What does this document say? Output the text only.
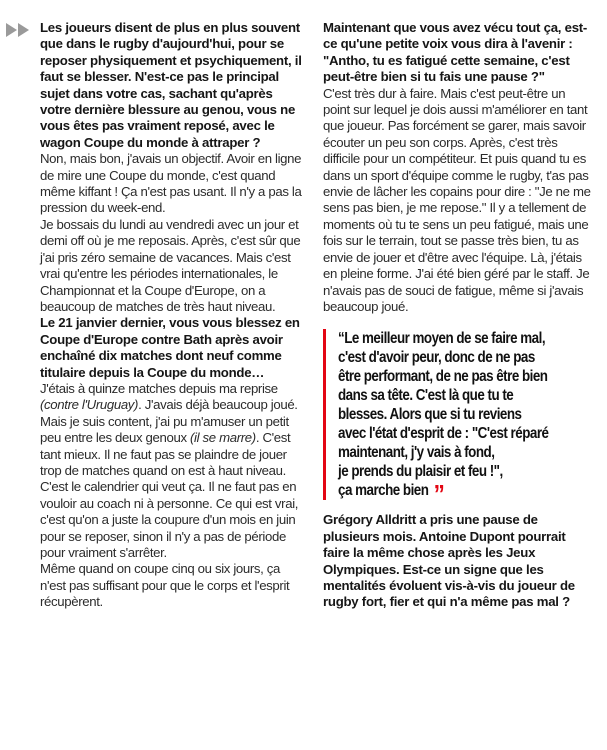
Les joueurs disent de plus en plus souvent que dans le rugby d'aujourd'hui, pour se reposer physiquement et psychiquement, il faut se blesser. N'est-ce pas le principal sujet dans votre cas, sachant qu'après votre dernière blessure au genou, vous ne vous êtes pas vraiment reposé, avec le wagon Coupe du monde à attraper ?

Non, mais bon, j'avais un objectif. Avoir en ligne de mire une Coupe du monde, c'est quand même kiffant ! Ça n'est pas usant. Il n'y a pas la pression du week-end.

Je bossais du lundi au vendredi avec un jour et demi off où je me reposais. Après, c'est sûr que j'ai pris zéro semaine de vacances. Mais c'est vrai qu'entre les périodes internationales, le Championnat et la Coupe d'Europe, on a beaucoup de matches de très haut niveau.

Le 21 janvier dernier, vous vous blessez en Coupe d'Europe contre Bath après avoir enchaîné dix matches dont neuf comme titulaire depuis la Coupe du monde…

J'étais à quinze matches depuis ma reprise (contre l'Uruguay). J'avais déjà beaucoup joué. Mais je suis content, j'ai pu m'amuser un petit peu entre les deux genoux (il se marre). C'est tant mieux. Il ne faut pas se plaindre de jouer trop de matches quand on est à haut niveau. C'est le calendrier qui veut ça. Il ne faut pas en vouloir au coach ni à personne. Ce qui est vrai, c'est qu'on a juste la coupure d'un mois en juin pour se reposer, sinon il n'y a pas de période pour vraiment s'arrêter.

Même quand on coupe cinq ou six jours, ça n'est pas suffisant pour que le corps et l'esprit récupèrent.

Maintenant que vous avez vécu tout ça, est-ce qu'une petite voix vous dira à l'avenir : "Antho, tu es fatigué cette semaine, c'est peut-être bien si tu fais une pause ?"

C'est très dur à faire. Mais c'est peut-être un point sur lequel je dois aussi m'améliorer en tant que joueur. Pas forcément se garer, mais savoir écouter un peu son corps. Après, c'est très difficile pour un compétiteur. Et puis quand tu es dans un sport d'équipe comme le rugby, t'as pas envie de lâcher les copains pour dire : "Je ne me sens pas bien, je me repose." Il y a tellement de moments où tu te sens un peu fatigué, mais une fois sur le terrain, tout se passe très bien, tu as envie de jouer et d'être avec l'équipe. Là, j'étais en pleine forme. J'ai été bien géré par le staff. Je n'avais pas de souci de fatigue, même si j'avais beaucoup joué.

“Le meilleur moyen de se faire mal,
c'est d'avoir peur, donc de ne pas
être performant, de ne pas être bien
dans sa tête. C'est là que tu te
blesses. Alors que si tu reviens
avec l'état d'esprit de : "C'est réparé
maintenant, j'y vais à fond,
je prends du plaisir et feu !",
ça marche bien ”

Grégory Alldritt a pris une pause de plusieurs mois. Antoine Dupont pourrait faire la même chose après les Jeux Olympiques. Est-ce un signe que les mentalités évoluent vis-à-vis du joueur de rugby fort, fier et qui n'a même pas mal ?
